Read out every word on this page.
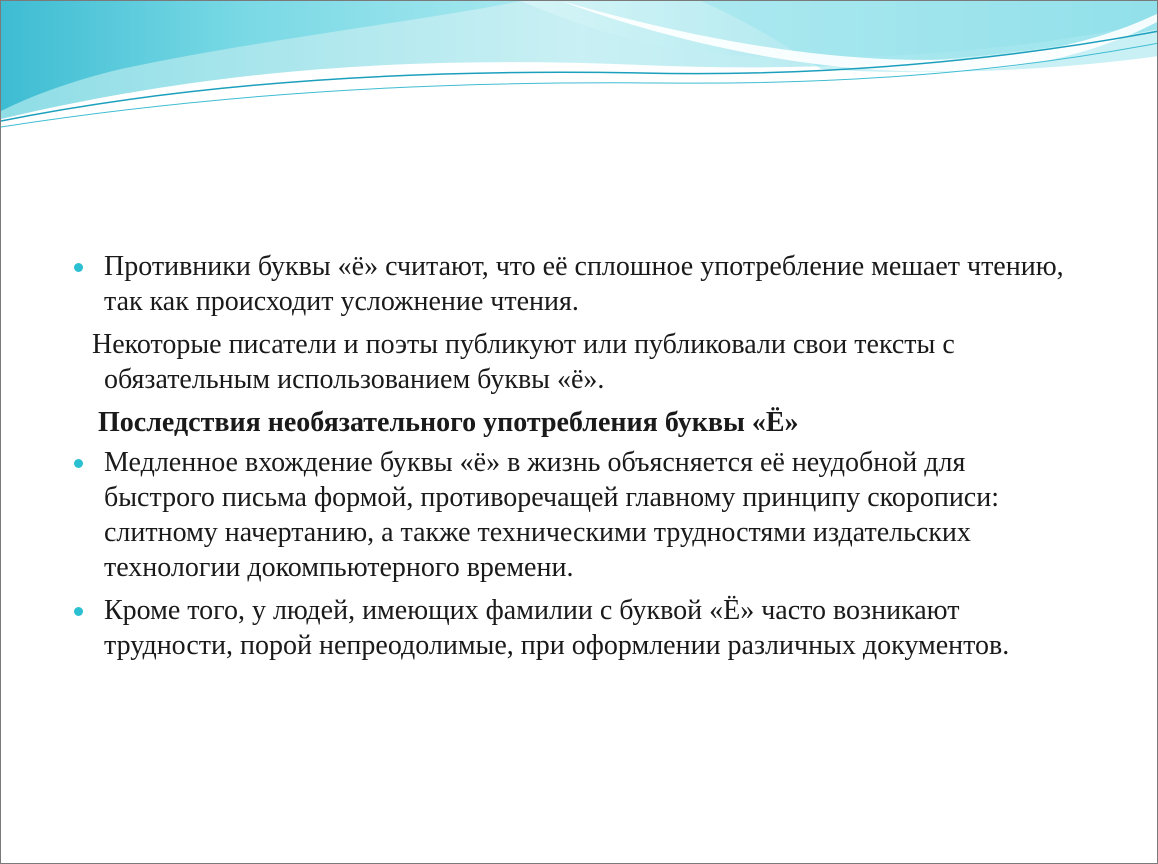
Противники буквы «ё» считают, что её сплошное употребление мешает чтению, так как происходит усложнение чтения.

Некоторые писатели и поэты публикуют или публиковали свои тексты с обязательным использованием буквы «ё».

Последствия необязательного употребления буквы «Ё»

Медленное вхождение буквы «ё» в жизнь объясняется её неудобной для быстрого письма формой, противоречащей главному принципу скорописи: слитному начертанию, а также техническими трудностями издательских технологии докомпьютерного времени.

Кроме того, у людей, имеющих фамилии с буквой «Ё» часто возникают трудности, порой непреодолимые, при оформлении различных документов.
